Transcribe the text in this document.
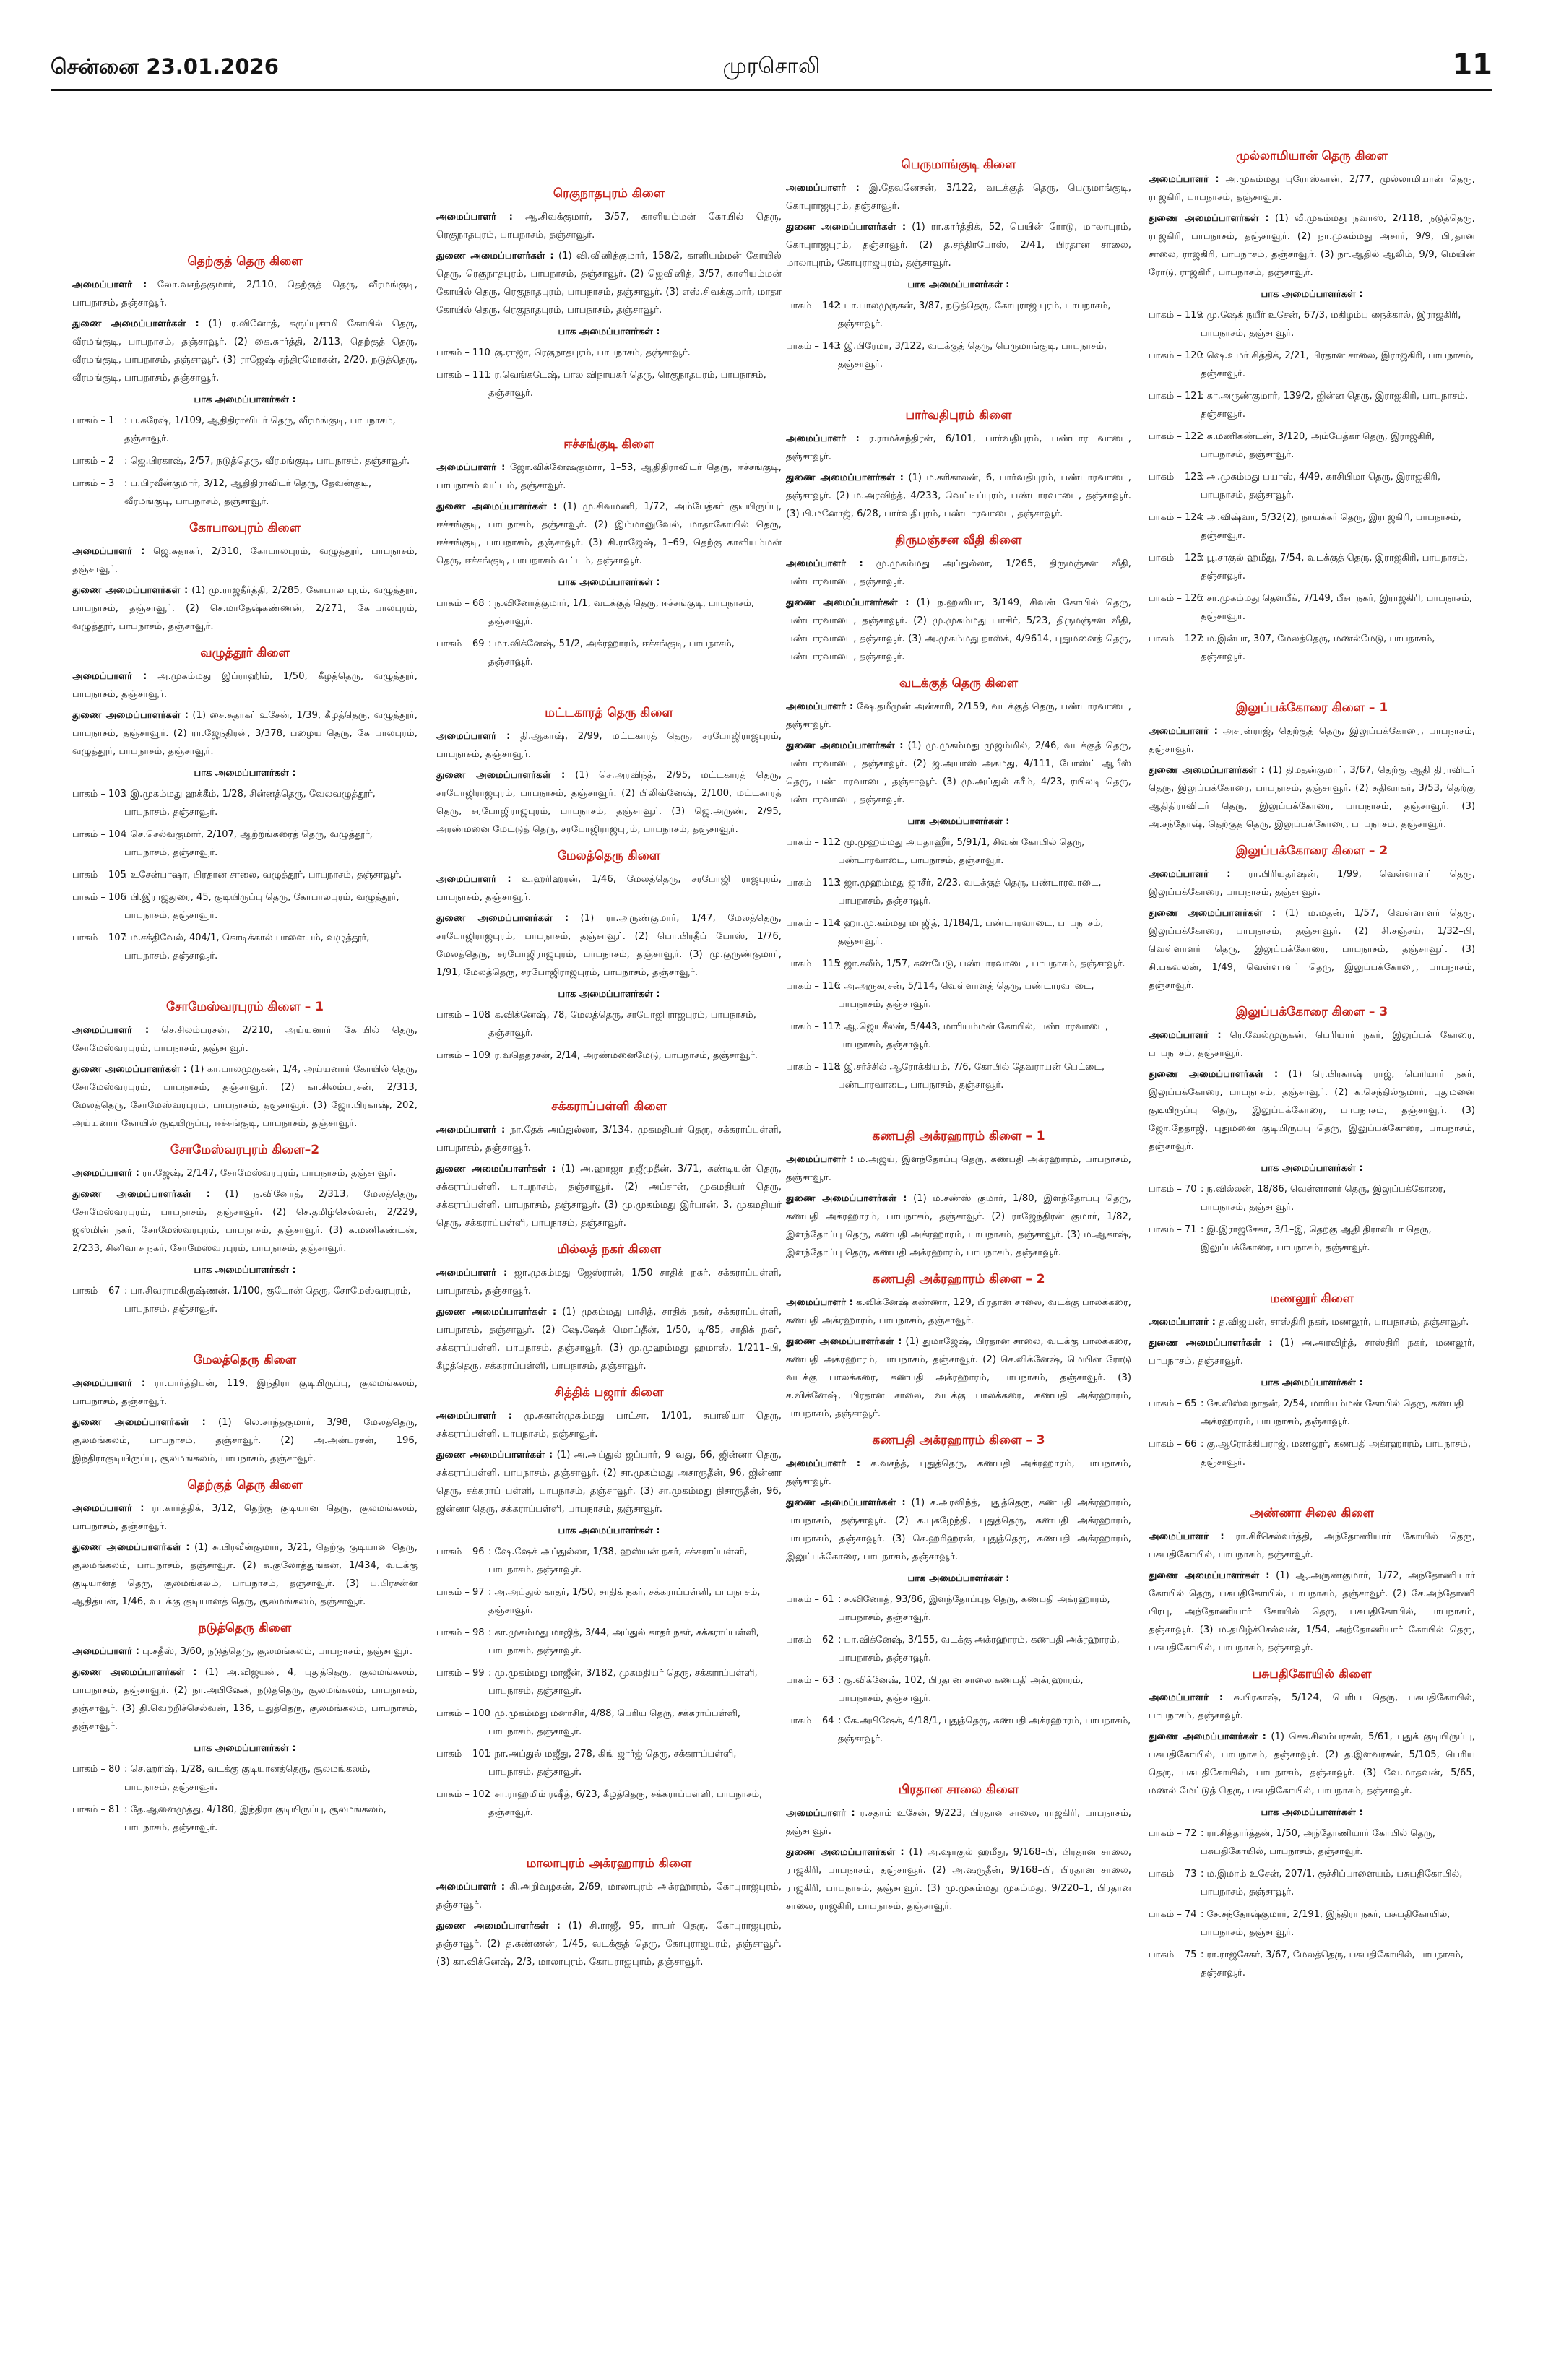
சென்னை 23.01.2026	முரசொலி	11
தெற்குத் தெரு கிளை
அமைப்பாளர் : லோ.வசந்தகுமார், 2/110, தெற்குத் தெரு, வீரமங்குடி, பாபநாசம், தஞ்சாவூர்.
துணை அமைப்பாளர்கள் : (1) ர.வினோத், கருப்புசாமி கோயில் தெரு, வீரமங்குடி, பாபநாசம், தஞ்சாவூர். (2) கை.கார்த்தி, 2/113, தெற்குத் தெரு, வீரமங்குடி, பாபநாசம், தஞ்சாவூர். (3) ராஜேஷ் சந்திரமோகன், 2/20, நடுத்தெரு, வீரமங்குடி, பாபநாசம், தஞ்சாவூர்.
பாக அமைப்பாளர்கள் :
பாகம் – 1	: ப.சுரேஷ், 1/109, ஆதிதிராவிடர் தெரு, வீரமங்குடி, பாபநாசம், தஞ்சாவூர்.
பாகம் – 2	: ஜெ.பிரகாஷ், 2/57, நடுத்தெரு, வீரமங்குடி, பாபநாசம், தஞ்சாவூர்.
பாகம் – 3	: ப.பிரவீன்குமார், 3/12, ஆதிதிராவிடர் தெரு, தேவன்குடி, வீரமங்குடி, பாபநாசம், தஞ்சாவூர்.
கோபாலபுரம் கிளை
அமைப்பாளர் : ஜெ.சுதாகர், 2/310, கோபாலபுரம், வழுத்தூர், பாபநாசம், தஞ்சாவூர்.
துணை அமைப்பாளர்கள் : (1) மு.ராஜதீர்த்தி, 2/285, கோபால புரம், வழுத்தூர், பாபநாசம், தஞ்சாவூர். (2) செ.மாதேஷ்கண்ணன், 2/271, கோபாலபுரம், வழுத்தூர், பாபநாசம், தஞ்சாவூர்.
வழுத்தூர் கிளை
அமைப்பாளர் : அ.முகம்மது இப்ராஹிம், 1/50, கீழத்தெரு, வழுத்தூர், பாபநாசம், தஞ்சாவூர்.
துணை அமைப்பாளர்கள் : (1) சை.சுதாகர் உசேன், 1/39, கீழத்தெரு, வழுத்தூர், பாபநாசம், தஞ்சாவூர். (2) ரா.ஜேந்திரன், 3/378, பழைய தெரு, கோபாலபுரம், வழுத்தூர், பாபநாசம், தஞ்சாவூர்.
பாக அமைப்பாளர்கள் :
பாகம் – 103 : இ.முகம்மது ஹக்கீம், 1/28, சின்னத்தெரு, வேலவழுத்தூர், பாபநாசம், தஞ்சாவூர்.
பாகம் – 104 : செ.செல்வகுமார், 2/107, ஆற்றங்கரைத் தெரு, வழுத்தூர், பாபநாசம், தஞ்சாவூர்.
பாகம் – 105 : உசேன்பாஷா, பிரதான சாலை, வழுத்தூர், பாபநாசம், தஞ்சாவூர்.
பாகம் – 106 : பி.இராஜதுரை, 45, குடியிருப்பு தெரு, கோபாலபுரம், வழுத்தூர், பாபநாசம், தஞ்சாவூர்.
பாகம் – 107 : ம.சக்திவேல், 404/1, கொடிக்கால் பாளையம், வழுத்தூர், பாபநாசம், தஞ்சாவூர்.
சோமேஸ்வரபுரம் கிளை – 1
அமைப்பாளர் : செ.சிலம்பரசன், 2/210, அய்யனார் கோயில் தெரு, சோமேஸ்வரபுரம், பாபநாசம், தஞ்சாவூர்.
துணை அமைப்பாளர்கள் : (1) கா.பாலமுருகன், 1/4, அய்யனார் கோயில் தெரு, சோமேஸ்வரபுரம், பாபநாசம், தஞ்சாவூர். (2) கா.சிலம்பரசன், 2/313, மேலத்தெரு, சோமேஸ்வரபுரம், பாபநாசம், தஞ்சாவூர். (3) ஜோ.பிரகாஷ், 202, அய்யனார் கோயில் குடியிருப்பு, ஈச்சங்குடி, பாபநாசம், தஞ்சாவூர்.
சோமேஸ்வரபுரம் கிளை–2
அமைப்பாளர் : ரா.ஜேஷ், 2/147, சோமேஸ்வரபுரம், பாபநாசம், தஞ்சாவூர்.
துணை அமைப்பாளர்கள் : (1) ந.வினோத், 2/313, மேலத்தெரு, சோமேஸ்வரபுரம், பாபநாசம், தஞ்சாவூர். (2) செ.தமிழ்செல்வன், 2/229, ஜஸ்மின் நகர், சோமேஸ்வரபுரம், பாபநாசம், தஞ்சாவூர். (3) க.மணிகண்டன், 2/233, சினிவாச நகர், சோமேஸ்வரபுரம், பாபநாசம், தஞ்சாவூர்.
பாக அமைப்பாளர்கள் :
பாகம் – 67	: பா.சிவராமகிருஷ்ணன், 1/100, குடோன் தெரு, சோமேஸ்வரபுரம், பாபநாசம், தஞ்சாவூர்.
மேலத்தெரு கிளை
அமைப்பாளர் : ரா.பார்த்திபன், 119, இந்திரா குடியிருப்பு, சூலமங்கலம், பாபநாசம், தஞ்சாவூர்.
துணை அமைப்பாளர்கள் : (1) லெ.சாந்தகுமார், 3/98, மேலத்தெரு, சூலமங்கலம், பாபநாசம், தஞ்சாவூர். (2) அ.அன்பரசன், 196, இந்திராகுடியிருப்பு, சூலமங்கலம், பாபநாசம், தஞ்சாவூர்.
தெற்குத் தெரு கிளை
அமைப்பாளர் : ரா.கார்த்திக், 3/12, தெற்கு குடியான தெரு, சூலமங்கலம், பாபநாசம், தஞ்சாவூர்.
துணை அமைப்பாளர்கள் : (1) சு.பிரவீன்குமார், 3/21, தெற்கு குடியான தெரு, சூலமங்கலம், பாபநாசம், தஞ்சாவூர். (2) சு.குலோத்துங்கன், 1/434, வடக்கு குடியானத் தெரு, சூலமங்கலம், பாபநாசம், தஞ்சாவூர். (3) ப.பிரசன்ன ஆதித்யன், 1/46, வடக்கு குடியானத் தெரு, சூலமங்கலம், தஞ்சாவூர்.
நடுத்தெரு கிளை
அமைப்பாளர் : பு.சதீஸ், 3/60, நடுத்தெரு, சூலமங்கலம், பாபநாசம், தஞ்சாவூர்.
துணை அமைப்பாளர்கள் : (1) அ.விஜயன், 4, புதுத்தெரு, சூலமங்கலம், பாபநாசம், தஞ்சாவூர். (2) நா.அபிஷேக், நடுத்தெரு, சூலமங்கலம், பாபநாசம், தஞ்சாவூர். (3) தி.வெற்றிச்செல்வன், 136, புதுத்தெரு, சூலமங்கலம், பாபநாசம், தஞ்சாவூர்.
பாக அமைப்பாளர்கள் :
பாகம் – 80	: செ.ஹரிஷ், 1/28, வடக்கு குடியானத்தெரு, சூலமங்கலம், பாபநாசம், தஞ்சாவூர்.
பாகம் – 81	: தே.ஆனைமுத்து, 4/180, இந்திரா குடியிருப்பு, சூலமங்கலம், பாபநாசம், தஞ்சாவூர்.
ரெகுநாதபுரம் கிளை
அமைப்பாளர் : ஆ.சிவக்குமார், 3/57, காளியம்மன் கோயில் தெரு, ரெகுநாதபுரம், பாபநாசம், தஞ்சாவூர்.
துணை அமைப்பாளர்கள் : (1) வி.வினித்குமார், 158/2, காளியம்மன் கோயில் தெரு, ரெகுநாதபுரம், பாபநாசம், தஞ்சாவூர். (2) ஜெவினித், 3/57, காளியம்மன் கோயில் தெரு, ரெகுநாதபுரம், பாபநாசம், தஞ்சாவூர். (3) எஸ்.சிவக்குமார், மாதா கோயில் தெரு, ரெகுநாதபுரம், பாபநாசம், தஞ்சாவூர்.
பாக அமைப்பாளர்கள் :
பாகம் – 110 : கு.ராஜா, ரெகுநாதபுரம், பாபநாசம், தஞ்சாவூர்.
பாகம் – 111 : ர.வெங்கடேஷ், பால விநாயகர் தெரு, ரெகுநாதபுரம், பாபநாசம், தஞ்சாவூர்.
ஈச்சங்குடி கிளை
அமைப்பாளர் : ஜோ.விக்னேஷ்குமார், 1–53, ஆதிதிராவிடர் தெரு, ஈச்சங்குடி, பாபநாசம் வட்டம், தஞ்சாவூர்.
துணை அமைப்பாளர்கள் : (1) மு.சிவமணி, 1/72, அம்பேத்கர் குடியிருப்பு, ஈச்சங்குடி, பாபநாசம், தஞ்சாவூர். (2) இம்மானுவேல், மாதாகோயில் தெரு, ஈச்சங்குடி, பாபநாசம், தஞ்சாவூர். (3) கி.ராஜேஷ், 1–69, தெற்கு காளியம்மன் தெரு, ஈச்சங்குடி, பாபநாசம் வட்டம், தஞ்சாவூர்.
பாக அமைப்பாளர்கள் :
பாகம் – 68	: ந.வினோத்குமார், 1/1, வடக்குத் தெரு, ஈச்சங்குடி, பாபநாசம், தஞ்சாவூர்.
பாகம் – 69	: மா.விக்னேஷ், 51/2, அக்ரஹாரம், ஈச்சங்குடி, பாபநாசம், தஞ்சாவூர்.
மட்டகாரத் தெரு கிளை
அமைப்பாளர் : தி.ஆகாஷ், 2/99, மட்டகாரத் தெரு, சரபோஜிராஜபுரம், பாபநாசம், தஞ்சாவூர்.
துணை அமைப்பாளர்கள் : (1) செ.அரவிந்த், 2/95, மட்டகாரத் தெரு, சரபோஜிராஜபுரம், பாபநாசம், தஞ்சாவூர். (2) பிலிவ்னேஷ், 2/100, மட்டகாரத் தெரு, சரபோஜிராஜபுரம், பாபநாசம், தஞ்சாவூர். (3) ஜெ.அருண், 2/95, அரண்மனை மேட்டுத் தெரு, சரபோஜிராஜபுரம், பாபநாசம், தஞ்சாவூர்.
மேலத்தெரு கிளை
அமைப்பாளர் : உ.ஹரிஹரன், 1/46, மேலத்தெரு, சரபோஜி ராஜபுரம், பாபநாசம், தஞ்சாவூர்.
துணை அமைப்பாளர்கள் : (1) ரா.அருண்குமார், 1/47, மேலத்தெரு, சரபோஜிராஜபுரம், பாபநாசம், தஞ்சாவூர். (2) பொ.பிரதீப் போஸ், 1/76, மேலத்தெரு, சரபோஜிராஜபுரம், பாபநாசம், தஞ்சாவூர். (3) மு.குருண்குமார், 1/91, மேலத்தெரு, சரபோஜிராஜபுரம், பாபநாசம், தஞ்சாவூர்.
பாக அமைப்பாளர்கள் :
பாகம் – 108 : க.விக்னேஷ், 78, மேலத்தெரு, சரபோஜி ராஜபுரம், பாபநாசம், தஞ்சாவூர்.
பாகம் – 109 : ர.வதெதரசன், 2/14, அரண்மனைமேடு, பாபநாசம், தஞ்சாவூர்.
சக்கராப்பள்ளி கிளை
அமைப்பாளர் : நா.தேக் அப்துல்லா, 3/134, முகமதியர் தெரு, சக்கராப்பள்ளி, பாபநாசம், தஞ்சாவூர்.
துணை அமைப்பாளர்கள் : (1) அ.ஹாஜா நஜீமுதீன், 3/71, கண்டியன் தெரு, சக்கராப்பள்ளி, பாபநாசம், தஞ்சாவூர். (2) அப்சான், முகமதியர் தெரு, சக்கராப்பள்ளி, பாபநாசம், தஞ்சாவூர். (3) மு.முகம்மது இர்பான், 3, முகமதியர் தெரு, சக்கராப்பள்ளி, பாபநாசம், தஞ்சாவூர்.
மில்லத் நகர் கிளை
அமைப்பாளர் : ஜா.முகம்மது ஜேஸ்ரான், 1/50 சாதிக் நகர், சக்கராப்பள்ளி, பாபநாசம், தஞ்சாவூர்.
துணை அமைப்பாளர்கள் : (1) முகம்மது பாசித், சாதிக் நகர், சக்கராப்பள்ளி, பாபநாசம், தஞ்சாவூர். (2) ஷே.ஷேக் மொய்தீன், 1/50, டி/85, சாதிக் நகர், சக்கராப்பள்ளி, பாபநாசம், தஞ்சாவூர். (3) மு.முஹம்மது ஹமாஸ், 1/211–பி, கீழத்தெரு, சக்கராப்பள்ளி, பாபநாசம், தஞ்சாவூர்.
சித்திக் பஜார் கிளை
அமைப்பாளர் : மு.சுகான்முகம்மது பாட்சா, 1/101, சுபாலியா தெரு, சக்கராப்பள்ளி, பாபநாசம், தஞ்சாவூர்.
துணை அமைப்பாளர்கள் : (1) அ.அப்துல் ஜப்பார், 9–வது, 66, ஜின்னா தெரு, சக்கராப்பள்ளி, பாபநாசம், தஞ்சாவூர். (2) சா.முகம்மது அசாருதீன், 96, ஜின்னா தெரு, சக்கராப் பள்ளி, பாபநாசம், தஞ்சாவூர். (3) சா.முகம்மது நிசாருதீன், 96, ஜின்னா தெரு, சக்கராப்பள்ளி, பாபநாசம், தஞ்சாவூர்.
பாக அமைப்பாளர்கள் :
பாகம் – 96	: ஷே.ஷேக் அப்துல்லா, 1/38, ஹஸ்யன் நகர், சக்கராப்பள்ளி, பாபநாசம், தஞ்சாவூர்.
பாகம் – 97	: அ.அப்துல் காதர், 1/50, சாதிக் நகர், சக்கராப்பள்ளி, பாபநாசம், தஞ்சாவூர்.
பாகம் – 98	: கா.முகம்மது மாஜித், 3/44, அப்துல் காதர் நகர், சக்கராப்பள்ளி, பாபநாசம், தஞ்சாவூர்.
பாகம் – 99	: மு.முகம்மது மாஜீன், 3/182, முகமதியர் தெரு, சக்கராப்பள்ளி, பாபநாசம், தஞ்சாவூர்.
பாகம் – 100 : மு.முகம்மது மனாசிர், 4/88, பெரிய தெரு, சக்கராப்பள்ளி, பாபநாசம், தஞ்சாவூர்.
பாகம் – 101 : நா.அப்துல் மஜீது, 278, கிங் ஜார்ஜ் தெரு, சக்கராப்பள்ளி, பாபநாசம், தஞ்சாவூர்.
பாகம் – 102 : சா.ராஹமிம் ரஷீத், 6/23, கீழத்தெரு, சக்கராப்பள்ளி, பாபநாசம், தஞ்சாவூர்.
மாலாபுரம் அக்ரஹாரம் கிளை
அமைப்பாளர் : கி.அறிவழகன், 2/69, மாலாபுரம் அக்ரஹாரம், கோபுராஜபுரம், தஞ்சாவூர்.
துணை அமைப்பாளர்கள் : (1) சி.ராஜீ, 95, ராயர் தெரு, கோபுராஜபுரம், தஞ்சாவூர். (2) த.கண்ணன், 1/45, வடக்குத் தெரு, கோபுராஜபுரம், தஞ்சாவூர். (3) கா.விக்னேஷ், 2/3, மாலாபுரம், கோபுராஜபுரம், தஞ்சாவூர்.
பெருமாங்குடி கிளை
அமைப்பாளர் : இ.தேவனேசன், 3/122, வடக்குத் தெரு, பெருமாங்குடி, கோபுராஜபுரம், தஞ்சாவூர்.
துணை அமைப்பாளர்கள் : (1) ரா.கார்த்திக், 52, பெயின் ரோடு, மாலாபுரம், கோபுராஜபுரம், தஞ்சாவூர். (2) த.சந்திரபோஸ், 2/41, பிரதான சாலை, மாலாபுரம், கோபுராஜபுரம், தஞ்சாவூர்.
பாக அமைப்பாளர்கள் :
பாகம் – 142 : பா.பாலமுருகன், 3/87, நடுத்தெரு, கோபுராஜ புரம், பாபநாசம், தஞ்சாவூர்.
பாகம் – 143 : இ.பிரேமா, 3/122, வடக்குத் தெரு, பெருமாங்குடி, பாபநாசம், தஞ்சாவூர்.
பார்வதிபுரம் கிளை
அமைப்பாளர் : ர.ராமச்சந்திரன், 6/101, பார்வதிபுரம், பண்டார வாடை, தஞ்சாவூர்.
துணை அமைப்பாளர்கள் : (1) ம.கரிகாலன், 6, பார்வதிபுரம், பண்டாரவாடை, தஞ்சாவூர். (2) ம.அரவிந்த், 4/233, வெட்டிப்புரம், பண்டாரவாடை, தஞ்சாவூர். (3) பி.மனோஜ், 6/28, பார்வதிபுரம், பண்டாரவாடை, தஞ்சாவூர்.
திருமஞ்சன வீதி கிளை
அமைப்பாளர் : மு.முகம்மது அப்துல்லா, 1/265, திருமஞ்சன வீதி, பண்டாரவாடை, தஞ்சாவூர்.
துணை அமைப்பாளர்கள் : (1) ந.ஹனிபா, 3/149, சிவன் கோயில் தெரு, பண்டாரவாடை, தஞ்சாவூர். (2) மு.முகம்மது யாசிர், 5/23, திருமஞ்சன வீதி, பண்டாரவாடை, தஞ்சாவூர். (3) அ.முகம்மது நாஸ்க், 4/9614, புதுமனைத் தெரு, பண்டாரவாடை, தஞ்சாவூர்.
வடக்குத் தெரு கிளை
அமைப்பாளர் : ஷே.தமீமுன் அன்சாரி, 2/159, வடக்குத் தெரு, பண்டாரவாடை, தஞ்சாவூர்.
துணை அமைப்பாளர்கள் : (1) மு.முகம்மது முஜம்மில், 2/46, வடக்குத் தெரு, பண்டாரவாடை, தஞ்சாவூர். (2) ஜ.அயாஸ் அகமது, 4/111, போஸ்ட் ஆபீஸ் தெரு, பண்டாரவாடை, தஞ்சாவூர். (3) மு.அப்துல் கரீம், 4/23, ரயிலடி தெரு, பண்டாரவாடை, தஞ்சாவூர்.
பாக அமைப்பாளர்கள் :
பாகம் – 112 : மு.முஹம்மது அபுதாஹீர், 5/91/1, சிவன் கோயில் தெரு, பண்டாரவாடை, பாபநாசம், தஞ்சாவூர்.
பாகம் – 113 : ஜா.முஹம்மது ஜாசீர், 2/23, வடக்குத் தெரு, பண்டாரவாடை, பாபநாசம், தஞ்சாவூர்.
பாகம் – 114 : ஹா.மு.கம்மது மாஜித், 1/184/1, பண்டாரவாடை, பாபநாசம், தஞ்சாவூர்.
பாகம் – 115 : ஜா.சலீம், 1/57, கணபேடு, பண்டாரவாடை, பாபநாசம், தஞ்சாவூர்.
பாகம் – 116 : அ.அருகரசன், 5/114, வெள்ளாளத் தெரு, பண்டாரவாடை, பாபநாசம், தஞ்சாவூர்.
பாகம் – 117 : ஆ.ஜெயசீலன், 5/443, மாரியம்மன் கோயில், பண்டாரவாடை, பாபநாசம், தஞ்சாவூர்.
பாகம் – 118 : இ.சர்ச்சில் ஆரோக்கியம், 7/6, கோயில் தேவராயன் பேட்டை, பண்டாரவாடை, பாபநாசம், தஞ்சாவூர்.
கணபதி அக்ரஹாரம் கிளை – 1
அமைப்பாளர் : ம.அஜய், இளந்தோப்பு தெரு, கணபதி அக்ரஹாரம், பாபநாசம், தஞ்சாவூர்.
துணை அமைப்பாளர்கள் : (1) ம.சண்ஸ் குமார், 1/80, இளந்தோப்பு தெரு, கணபதி அக்ரஹாரம், பாபநாசம், தஞ்சாவூர். (2) ராஜேந்திரன் குமார், 1/82, இளந்தோப்பு தெரு, கணபதி அக்ரஹாரம், பாபநாசம், தஞ்சாவூர். (3) ம.ஆகாஷ், இளந்தோப்பு தெரு, கணபதி அக்ரஹாரம், பாபநாசம், தஞ்சாவூர்.
கணபதி அக்ரஹாரம் கிளை – 2
அமைப்பாளர் : க.விக்னேஷ் கண்ணா, 129, பிரதான சாலை, வடக்கு பாலக்கரை, கணபதி அக்ரஹாரம், பாபநாசம், தஞ்சாவூர்.
துணை அமைப்பாளர்கள் : (1) துமாஜேஷ், பிரதான சாலை, வடக்கு பாலக்கரை, கணபதி அக்ரஹாரம், பாபநாசம், தஞ்சாவூர். (2) செ.விக்னேஷ், மெயின் ரோடு வடக்கு பாலக்கரை, கணபதி அக்ரஹாரம், பாபநாசம், தஞ்சாவூர். (3) ச.விக்னேஷ், பிரதான சாலை, வடக்கு பாலக்கரை, கணபதி அக்ரஹாரம், பாபநாசம், தஞ்சாவூர்.
கணபதி அக்ரஹாரம் கிளை – 3
அமைப்பாளர் : க.வசந்த், புதுத்தெரு, கணபதி அக்ரஹாரம், பாபநாசம், தஞ்சாவூர்.
துணை அமைப்பாளர்கள் : (1) ச.அரவிந்த், புதுத்தெரு, கணபதி அக்ரஹாரம், பாபநாசம், தஞ்சாவூர். (2) க.புகழேந்தி, புதுத்தெரு, கணபதி அக்ரஹாரம், பாபநாசம், தஞ்சாவூர். (3) செ.ஹரிஹரன், புதுத்தெரு, கணபதி அக்ரஹாரம், இலுப்பக்கோரை, பாபநாசம், தஞ்சாவூர்.
பாக அமைப்பாளர்கள் :
பாகம் – 61	: ச.வினோத், 93/86, இளந்தோப்புத் தெரு, கணபதி அக்ரஹாரம், பாபநாசம், தஞ்சாவூர்.
பாகம் – 62	: பா.விக்னேஷ், 3/155, வடக்கு அக்ரஹாரம், கணபதி அக்ரஹாரம், பாபநாசம், தஞ்சாவூர்.
பாகம் – 63	: கு.விக்னேஷ், 102, பிரதான சாலை கணபதி அக்ரஹாரம், பாபநாசம், தஞ்சாவூர்.
பாகம் – 64	: கே.அபிஷேக், 4/18/1, புதுத்தெரு, கணபதி அக்ரஹாரம், பாபநாசம், தஞ்சாவூர்.
பிரதான சாலை கிளை
அமைப்பாளர் : ர.சதாம் உசேன், 9/223, பிரதான சாலை, ராஜகிரி, பாபநாசம், தஞ்சாவூர்.
துணை அமைப்பாளர்கள் : (1) அ.ஷாகுல் ஹமீது, 9/168–பி, பிரதான சாலை, ராஜகிரி, பாபநாசம், தஞ்சாவூர். (2) அ.ஷருதீன், 9/168–பி, பிரதான சாலை, ராஜகிரி, பாபநாசம், தஞ்சாவூர். (3) மு.முகம்மது முகம்மது, 9/220–1, பிரதான சாலை, ராஜகிரி, பாபநாசம், தஞ்சாவூர்.
முல்லாமியான் தெரு கிளை
அமைப்பாளர் : அ.முகம்மது புரோஸ்கான், 2/77, முல்லாமியான் தெரு, ராஜகிரி, பாபநாசம், தஞ்சாவூர்.
துணை அமைப்பாளர்கள் : (1) வீ.முகம்மது நவாஸ், 2/118, நடுத்தெரு, ராஜகிரி, பாபநாசம், தஞ்சாவூர். (2) நா.முகம்மது அசார், 9/9, பிரதான சாலை, ராஜகிரி, பாபநாசம், தஞ்சாவூர். (3) நா.ஆதில் ஆலிம், 9/9, மெயின் ரோடு, ராஜகிரி, பாபநாசம், தஞ்சாவூர்.
பாக அமைப்பாளர்கள் :
பாகம் – 119 : மு.ஷேக் நயீர் உசேன், 67/3, மகிழம்பு நைக்கால், இராஜகிரி, பாபநாசம், தஞ்சாவூர்.
பாகம் – 120 : ஷெ.உமர் சித்திக், 2/21, பிரதான சாலை, இராஜகிரி, பாபநாசம், தஞ்சாவூர்.
பாகம் – 121 : கா.அருண்குமார், 139/2, ஜின்ன தெரு, இராஜகிரி, பாபநாசம், தஞ்சாவூர்.
பாகம் – 122 : க.மணிகண்டன், 3/120, அம்பேத்கர் தெரு, இராஜகிரி, பாபநாசம், தஞ்சாவூர்.
பாகம் – 123 : அ.முகம்மது பயாஸ், 4/49, காசிபிமா தெரு, இராஜகிரி, பாபநாசம், தஞ்சாவூர்.
பாகம் – 124 : அ.விஷ்வா, 5/32(2), நாயக்கர் தெரு, இராஜகிரி, பாபநாசம், தஞ்சாவூர்.
பாகம் – 125 : பூ.சாகுல் ஹமீது, 7/54, வடக்குத் தெரு, இராஜகிரி, பாபநாசம், தஞ்சாவூர்.
பாகம் – 126 : சா.முகம்மது தௌபீக், 7/149, பீசா நகர், இராஜகிரி, பாபநாசம், தஞ்சாவூர்.
பாகம் – 127 : ம.இன்பா, 307, மேலத்தெரு, மணல்மேடு, பாபநாசம், தஞ்சாவூர்.
இலுப்பக்கோரை கிளை – 1
அமைப்பாளர் : அசரன்ராஜ், தெற்குத் தெரு, இலுப்பக்கோரை, பாபநாசம், தஞ்சாவூர்.
துணை அமைப்பாளர்கள் : (1) திமதன்குமார், 3/67, தெற்கு ஆதி திராவிடர் தெரு, இலுப்பக்கோரை, பாபநாசம், தஞ்சாவூர். (2) சுதிவாகர், 3/53, தெற்கு ஆதிதிராவிடர் தெரு, இலுப்பக்கோரை, பாபநாசம், தஞ்சாவூர். (3) அ.சந்தோஷ், தெற்குத் தெரு, இலுப்பக்கோரை, பாபநாசம், தஞ்சாவூர்.
இலுப்பக்கோரை கிளை – 2
அமைப்பாளர் : ரா.பிரியதர்ஷன், 1/99, வெள்ளாளர் தெரு, இலுப்பக்கோரை, பாபநாசம், தஞ்சாவூர்.
துணை அமைப்பாளர்கள் : (1) ம.மதன், 1/57, வெள்ளாளர் தெரு, இலுப்பக்கோரை, பாபநாசம், தஞ்சாவூர். (2) சி.சஞ்சய், 1/32–பி, வெள்ளாளர் தெரு, இலுப்பக்கோரை, பாபநாசம், தஞ்சாவூர். (3) சி.பகவலன், 1/49, வெள்ளாளர் தெரு, இலுப்பக்கோரை, பாபநாசம், தஞ்சாவூர்.
இலுப்பக்கோரை கிளை – 3
அமைப்பாளர் : ரெ.வேல்முருகன், பெரியார் நகர், இலுப்பக் கோரை, பாபநாசம், தஞ்சாவூர்.
துணை அமைப்பாளர்கள் : (1) ரெ.பிரகாஷ் ராஜ், பெரியார் நகர், இலுப்பக்கோரை, பாபநாசம், தஞ்சாவூர். (2) க.செந்தில்குமார், புதுமனை குடியிருப்பு தெரு, இலுப்பக்கோரை, பாபநாசம், தஞ்சாவூர். (3) ஜோ.நேதாஜி, புதுமனை குடியிருப்பு தெரு, இலுப்பக்கோரை, பாபநாசம், தஞ்சாவூர்.
பாக அமைப்பாளர்கள் :
பாகம் – 70	: ந.வில்லன், 18/86, வெள்ளாளர் தெரு, இலுப்பக்கோரை, பாபநாசம், தஞ்சாவூர்.
பாகம் – 71	: இ.இராஜசேகர், 3/1–இ, தெற்கு ஆதி திராவிடர் தெரு, இலுப்பக்கோரை, பாபநாசம், தஞ்சாவூர்.
மணலூர் கிளை
அமைப்பாளர் : த.விஜயன், சாஸ்திரி நகர், மணலூர், பாபநாசம், தஞ்சாவூர்.
துணை அமைப்பாளர்கள் : (1) அ.அரவிந்த், சாஸ்திரி நகர், மணலூர், பாபநாசம், தஞ்சாவூர்.
பாக அமைப்பாளர்கள் :
பாகம் – 65	: சே.விஸ்வநாதன், 2/54, மாரியம்மன் கோயில் தெரு, கணபதி அக்ரஹாரம், பாபநாசம், தஞ்சாவூர்.
பாகம் – 66	: கு.ஆரோக்கியராஜ், மணலூர், கணபதி அக்ரஹாரம், பாபநாசம், தஞ்சாவூர்.
அண்ணா சிலை கிளை
அமைப்பாளர் : ரா.சிரீசெல்வர்த்தி, அந்தோணியார் கோயில் தெரு, பசுபதிகோயில், பாபநாசம், தஞ்சாவூர்.
துணை அமைப்பாளர்கள் : (1) ஆ.அருண்குமார், 1/72, அந்தோணியார் கோயில் தெரு, பசுபதிகோயில், பாபநாசம், தஞ்சாவூர். (2) சே.அந்தோணி பிரபு, அந்தோணியார் கோயில் தெரு, பசுபதிகோயில், பாபநாசம், தஞ்சாவூர். (3) ம.தமிழ்ச்செல்வன், 1/54, அந்தோணியார் கோயில் தெரு, பசுபதிகோயில், பாபநாசம், தஞ்சாவூர்.
பசுபதிகோயில் கிளை
அமைப்பாளர் : சு.பிரகாஷ், 5/124, பெரிய தெரு, பசுபதிகோயில், பாபநாசம், தஞ்சாவூர்.
துணை அமைப்பாளர்கள் : (1) செசு.சிலம்பரசன், 5/61, புதுக் குடியிருப்பு, பசுபதிகோயில், பாபநாசம், தஞ்சாவூர். (2) த.இளவரசன், 5/105, பெரிய தெரு, பசுபதிகோயில், பாபநாசம், தஞ்சாவூர். (3) வே.மாதவன், 5/65, மணல் மேட்டுத் தெரு, பசுபதிகோயில், பாபநாசம், தஞ்சாவூர்.
பாக அமைப்பாளர்கள் :
பாகம் – 72	: ரா.சித்தார்த்தன், 1/50, அந்தோணியார் கோயில் தெரு, பசுபதிகோயில், பாபநாசம், தஞ்சாவூர்.
பாகம் – 73	: ம.இமாம் உசேன், 207/1, குச்சிப்பாளையம், பசுபதிகோயில், பாபநாசம், தஞ்சாவூர்.
பாகம் – 74	: சே.சந்தோஷ்குமார், 2/191, இந்திரா நகர், பசுபதிகோயில், பாபநாசம், தஞ்சாவூர்.
பாகம் – 75	: ரா.ராஜசேகர், 3/67, மேலத்தெரு, பசுபதிகோயில், பாபநாசம், தஞ்சாவூர்.
